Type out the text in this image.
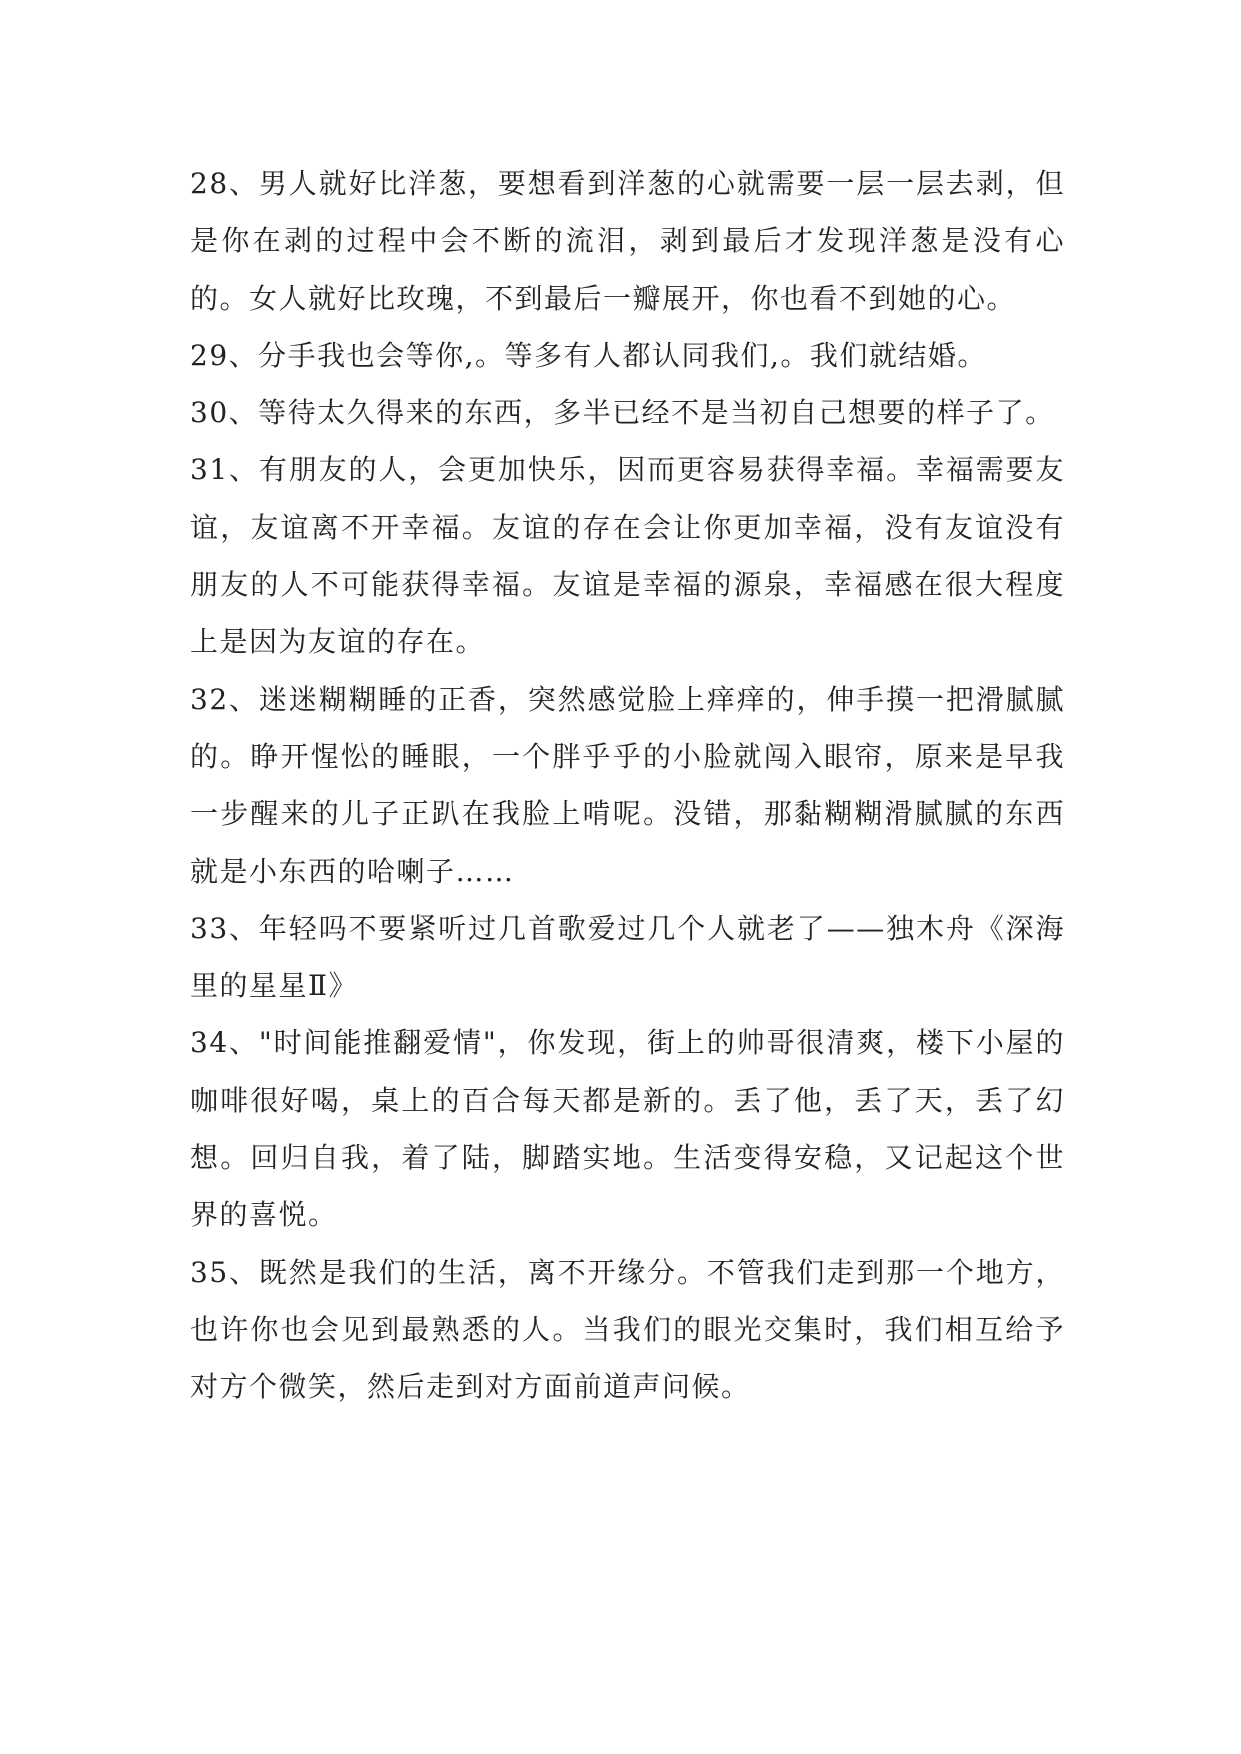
28、男人就好比洋葱，要想看到洋葱的心就需要一层一层去剥，但是你在剥的过程中会不断的流泪，剥到最后才发现洋葱是没有心的。女人就好比玫瑰，不到最后一瓣展开，你也看不到她的心。

29、分手我也会等你,。等多有人都认同我们,。我们就结婚。

30、等待太久得来的东西，多半已经不是当初自己想要的样子了。

31、有朋友的人，会更加快乐，因而更容易获得幸福。幸福需要友谊，友谊离不开幸福。友谊的存在会让你更加幸福，没有友谊没有朋友的人不可能获得幸福。友谊是幸福的源泉，幸福感在很大程度上是因为友谊的存在。

32、迷迷糊糊睡的正香，突然感觉脸上痒痒的，伸手摸一把滑腻腻的。睁开惺忪的睡眼，一个胖乎乎的小脸就闯入眼帘，原来是早我一步醒来的儿子正趴在我脸上啃呢。没错，那黏糊糊滑腻腻的东西就是小东西的哈喇子……

33、年轻吗不要紧听过几首歌爱过几个人就老了——独木舟《深海里的星星Ⅱ》

34、"时间能推翻爱情"，你发现，街上的帅哥很清爽，楼下小屋的咖啡很好喝，桌上的百合每天都是新的。丢了他，丢了天，丢了幻想。回归自我，着了陆，脚踏实地。生活变得安稳，又记起这个世界的喜悦。

35、既然是我们的生活，离不开缘分。不管我们走到那一个地方，也许你也会见到最熟悉的人。当我们的眼光交集时，我们相互给予对方个微笑，然后走到对方面前道声问候。
